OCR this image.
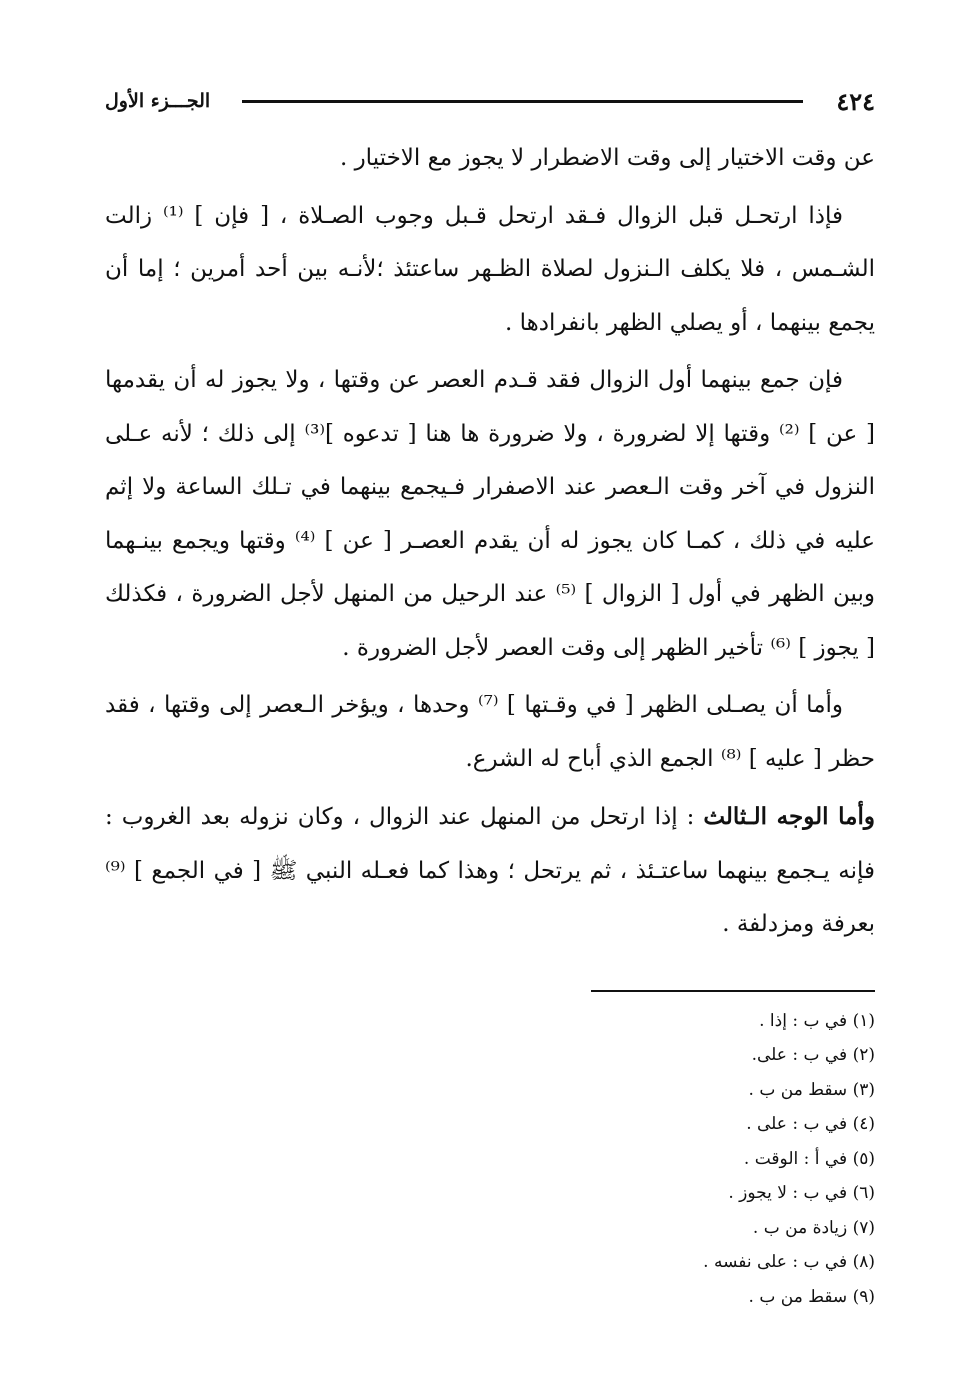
٤٢٤
الجـــزء الأول

عن وقت الاختيار إلى وقت الاضطرار لا يجوز مع الاختيار .

فإذا ارتحـل قبل الزوال فـقد ارتحل قـبل وجوب الصـلاة ، [ فإن ] ⁽¹⁾ زالت الشـمس ، فلا يكلف الـنزول لصلاة الظـهر ساعتئذ ؛لأنـه بين أحد أمرين ؛ إما أن يجمع بينهما ، أو يصلي الظهر بانفرادها .

فإن جمع بينهما أول الزوال فقد قـدم العصر عن وقتها ، ولا يجوز له أن يقدمها [ عن ] ⁽²⁾ وقتها إلا لضرورة ، ولا ضرورة ها هنا [ تدعوه ]⁽³⁾ إلى ذلك ؛ لأنه عـلى النزول في آخر وقت الـعصر عند الاصفرار فـيجمع بينهما في تـلك الساعة ولا إثم عليه في ذلك ، كمـا كان يجوز له أن يقدم العصـر [ عن ] ⁽⁴⁾ وقتها ويجمع بينـهما وبين الظهر في أول [ الزوال ] ⁽⁵⁾ عند الرحيل من المنهل لأجل الضرورة ، فكذلك [ يجوز ] ⁽⁶⁾ تأخير الظهر إلى وقت العصر لأجل الضرورة .

وأما أن يصـلى الظهر [ في وقـتها ] ⁽⁷⁾ وحدها ، ويؤخر الـعصر إلى وقتها ، فقد حظر [ عليه ] ⁽⁸⁾ الجمع الذي أباح له الشرع.

وأما الوجه الـثالث : إذا ارتحل من المنهل عند الزوال ، وكان نزوله بعد الغروب : فإنه يـجمع بينهما ساعتـئذ ، ثم يرتحل ؛ وهذا كما فعـله النبي ﷺ [ في الجمع ] ⁽⁹⁾ بعرفة ومزدلفة .

(١) في ب : إذا .
(٢) في ب : على.
(٣) سقط من ب .
(٤) في ب : على .
(٥) في أ : الوقت .
(٦) في ب : لا يجوز .
(٧) زيادة من ب .
(٨) في ب : على نفسه .
(٩) سقط من ب .
